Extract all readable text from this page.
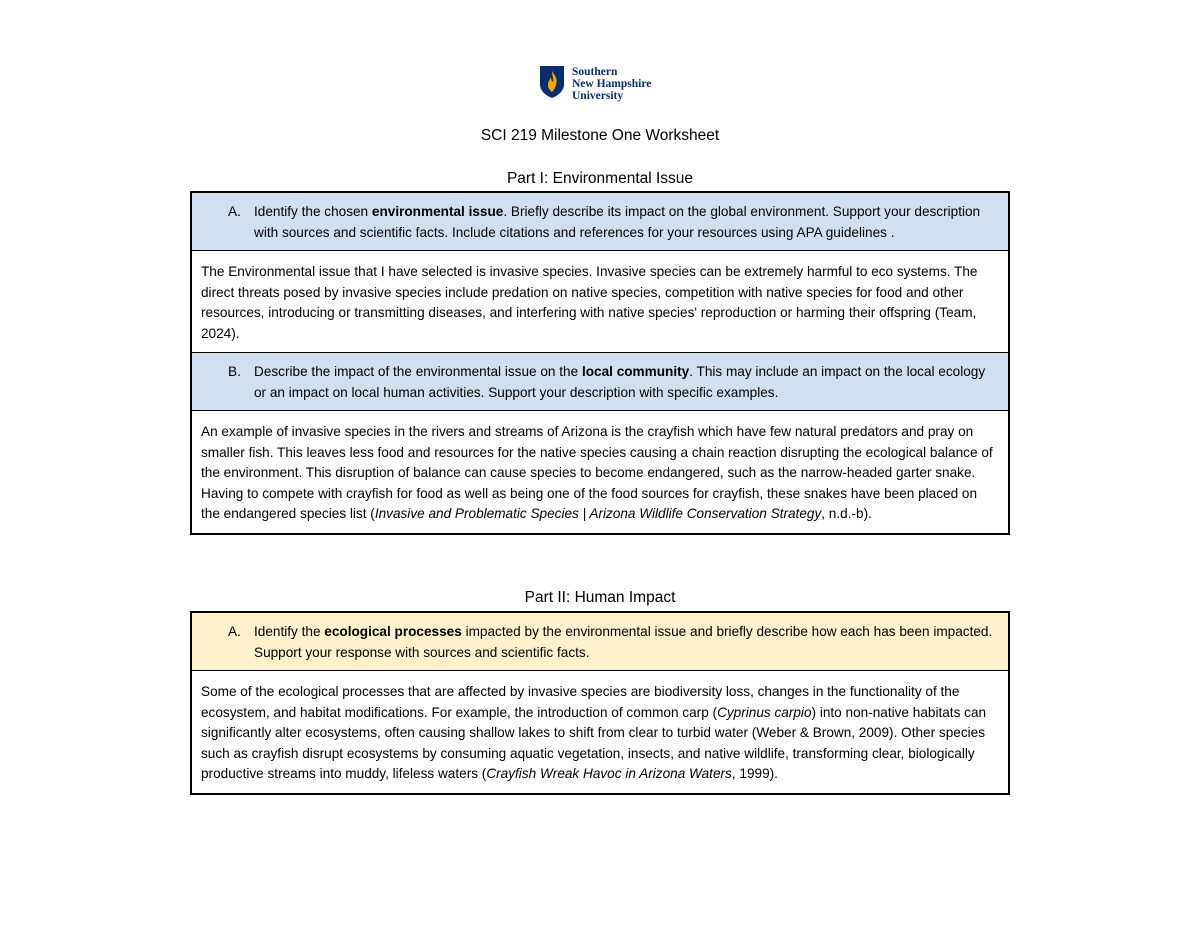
Southern
New Hampshire
University
SCI 219 Milestone One Worksheet
Part I: Environmental Issue
A. Identify the chosen environmental issue. Briefly describe its impact on the global environment. Support your description with sources and scientific facts. Include citations and references for your resources using APA guidelines .
The Environmental issue that I have selected is invasive species. Invasive species can be extremely harmful to eco systems. The direct threats posed by invasive species include predation on native species, competition with native species for food and other resources, introducing or transmitting diseases, and interfering with native species' reproduction or harming their offspring (Team, 2024).
B. Describe the impact of the environmental issue on the local community. This may include an impact on the local ecology or an impact on local human activities. Support your description with specific examples.
An example of invasive species in the rivers and streams of Arizona is the crayfish which have few natural predators and pray on smaller fish. This leaves less food and resources for the native species causing a chain reaction disrupting the ecological balance of the environment. This disruption of balance can cause species to become endangered, such as the narrow-headed garter snake. Having to compete with crayfish for food as well as being one of the food sources for crayfish, these snakes have been placed on the endangered species list (Invasive and Problematic Species | Arizona Wildlife Conservation Strategy, n.d.-b).
Part II: Human Impact
A. Identify the ecological processes impacted by the environmental issue and briefly describe how each has been impacted. Support your response with sources and scientific facts.
Some of the ecological processes that are affected by invasive species are biodiversity loss, changes in the functionality of the ecosystem, and habitat modifications. For example, the introduction of common carp (Cyprinus carpio) into non-native habitats can significantly alter ecosystems, often causing shallow lakes to shift from clear to turbid water (Weber & Brown, 2009). Other species such as crayfish disrupt ecosystems by consuming aquatic vegetation, insects, and native wildlife, transforming clear, biologically productive streams into muddy, lifeless waters (Crayfish Wreak Havoc in Arizona Waters, 1999).
